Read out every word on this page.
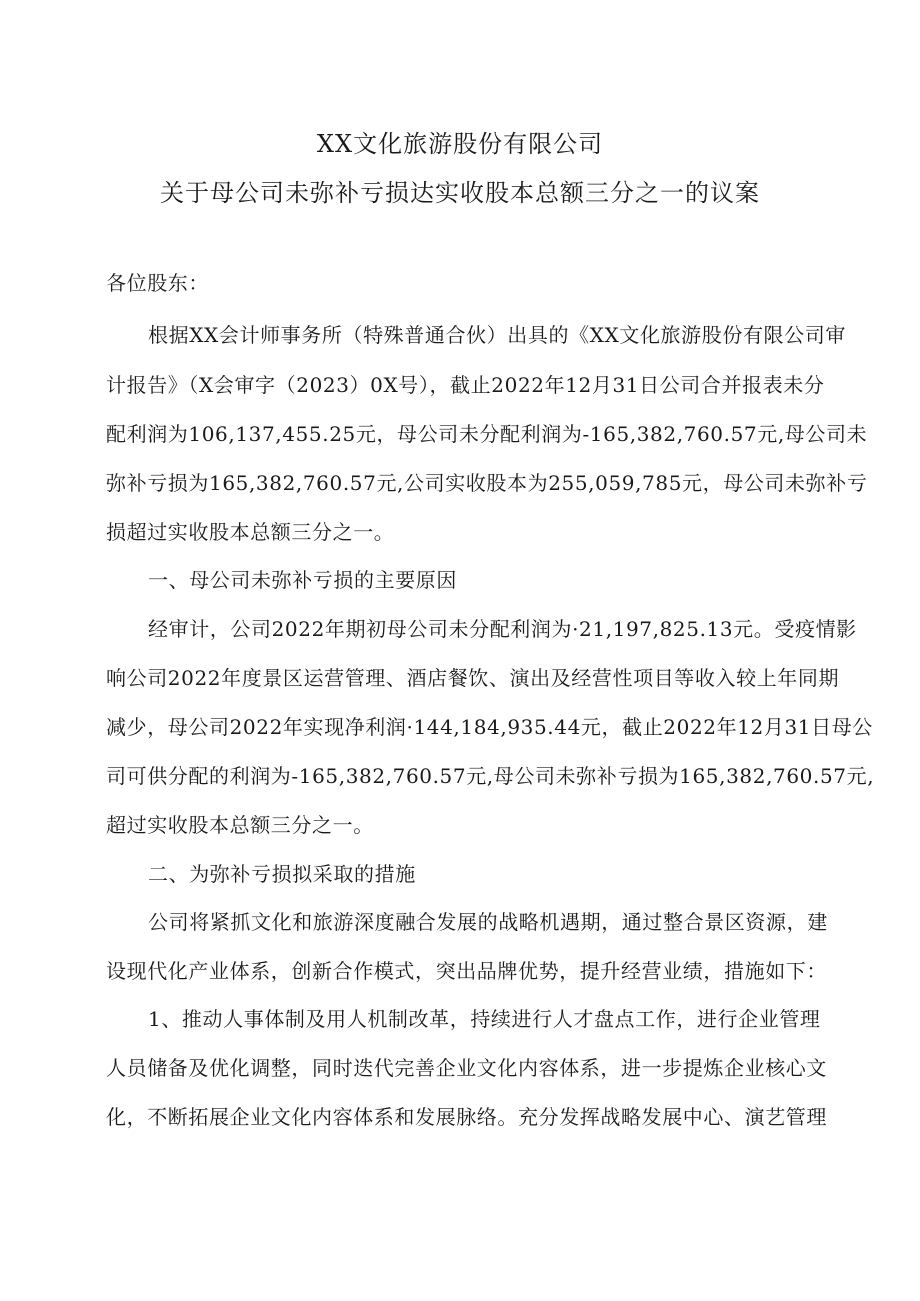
XX文化旅游股份有限公司
关于母公司未弥补亏损达实收股本总额三分之一的议案
各位股东：
根据XX会计师事务所（特殊普通合伙）出具的《XX文化旅游股份有限公司审
计报告》（X会审字（2023）0X号），截止2022年12月31日公司合并报表未分
配利润为106,137,455.25元，母公司未分配利润为-165,382,760.57元,母公司未
弥补亏损为165,382,760.57元,公司实收股本为255,059,785元，母公司未弥补亏
损超过实收股本总额三分之一。
一、母公司未弥补亏损的主要原因
经审计，公司2022年期初母公司未分配利润为·21,197,825.13元。受疫情影
响公司2022年度景区运营管理、酒店餐饮、演出及经营性项目等收入较上年同期
减少，母公司2022年实现净利润·144,184,935.44元，截止2022年12月31日母公
司可供分配的利润为-165,382,760.57元,母公司未弥补亏损为165,382,760.57元,
超过实收股本总额三分之一。
二、为弥补亏损拟采取的措施
公司将紧抓文化和旅游深度融合发展的战略机遇期，通过整合景区资源，建
设现代化产业体系，创新合作模式，突出品牌优势，提升经营业绩，措施如下：
1、推动人事体制及用人机制改革，持续进行人才盘点工作，进行企业管理
人员储备及优化调整，同时迭代完善企业文化内容体系，进一步提炼企业核心文
化，不断拓展企业文化内容体系和发展脉络。充分发挥战略发展中心、演艺管理
